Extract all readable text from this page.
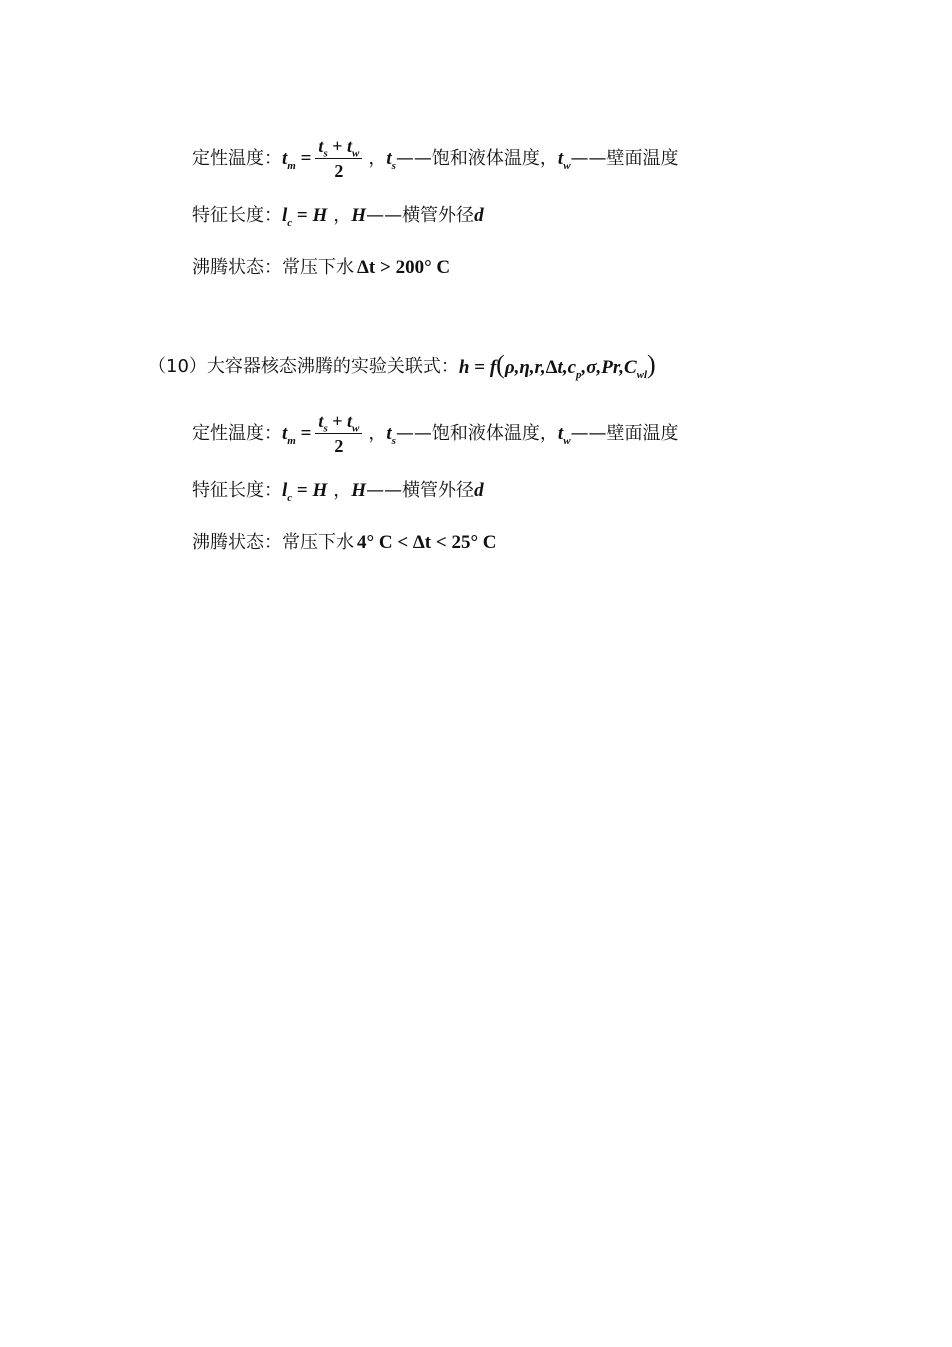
定性温度： $t_m = \frac{t_s + t_w}{2}$ ， $t_s$ ——饱和液体温度， $t_w$ ——壁面温度
特征长度： $l_c = H$ ， H ——横管外径 d
沸腾状态： 常压下水 Δt > 200° C
（10）大容器核态沸腾的实验关联式： $h = f(\rho,\eta,r,\Delta t,c_p,\sigma,Pr,C_{wl})$
定性温度： $t_m = \frac{t_s + t_w}{2}$ ， $t_s$ ——饱和液体温度， $t_w$ ——壁面温度
特征长度： $l_c = H$ ， H ——横管外径 d
沸腾状态： 常压下水 4° C < Δt < 25° C
